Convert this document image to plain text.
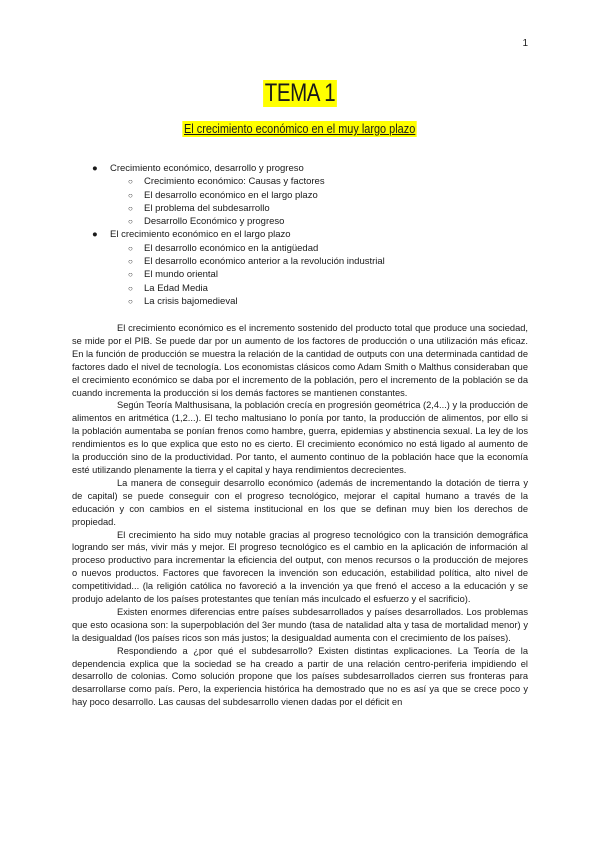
1
TEMA 1
El crecimiento económico en el muy largo plazo
● Crecimiento económico, desarrollo y progreso
○ Crecimiento económico: Causas y factores
○ El desarrollo económico en el largo plazo
○ El problema del subdesarrollo
○ Desarrollo Económico y progreso
● El crecimiento económico en el largo plazo
○ El desarrollo económico en la antigüedad
○ El desarrollo económico anterior a la revolución industrial
○ El mundo oriental
○ La Edad Media
○ La crisis bajomedieval

El crecimiento económico es el incremento sostenido del producto total que produce una sociedad, se mide por el PIB. Se puede dar por un aumento de los factores de producción o una utilización más eficaz. En la función de producción se muestra la relación de la cantidad de outputs con una determinada cantidad de factores dado el nivel de tecnología. Los economistas clásicos como Adam Smith o Malthus consideraban que el crecimiento económico se daba por el incremento de la población, pero el incremento de la población se da cuando incrementa la producción si los demás factores se mantienen constantes.

Según Teoría Malthusisana, la población crecía en progresión geométrica (2,4...) y la producción de alimentos en aritmética (1,2...). El techo maltusiano lo ponía por tanto, la producción de alimentos, por ello si la población aumentaba se ponían frenos como hambre, guerra, epidemias y abstinencia sexual. La ley de los rendimientos es lo que explica que esto no es cierto. El crecimiento económico no está ligado al aumento de la producción sino de la productividad. Por tanto, el aumento continuo de la población hace que la economía esté utilizando plenamente la tierra y el capital y haya rendimientos decrecientes.

La manera de conseguir desarrollo económico (además de incrementando la dotación de tierra y de capital) se puede conseguir con el progreso tecnológico, mejorar el capital humano a través de la educación y con cambios en el sistema institucional en los que se definan muy bien los derechos de propiedad.

El crecimiento ha sido muy notable gracias al progreso tecnológico con la transición demográfica logrando ser más, vivir más y mejor. El progreso tecnológico es el cambio en la aplicación de información al proceso productivo para incrementar la eficiencia del output, con menos recursos o la producción de mejores o nuevos productos. Factores que favorecen la invención son educación, estabilidad política, alto nivel de competitividad... (la religión católica no favoreció a la invención ya que frenó el acceso a la educación y se produjo adelanto de los países protestantes que tenían más inculcado el esfuerzo y el sacrificio).

Existen enormes diferencias entre países subdesarrollados y países desarrollados. Los problemas que esto ocasiona son: la superpoblación del 3er mundo (tasa de natalidad alta y tasa de mortalidad menor) y la desigualdad (los países ricos son más justos; la desigualdad aumenta con el crecimiento de los países).

Respondiendo a ¿por qué el subdesarrollo? Existen distintas explicaciones. La Teoría de la dependencia explica que la sociedad se ha creado a partir de una relación centro-periferia impidiendo el desarrollo de colonias. Como solución propone que los países subdesarrollados cierren sus fronteras para desarrollarse como país. Pero, la experiencia histórica ha demostrado que no es así ya que se crece poco y hay poco desarrollo. Las causas del subdesarrollo vienen dadas por el déficit en
